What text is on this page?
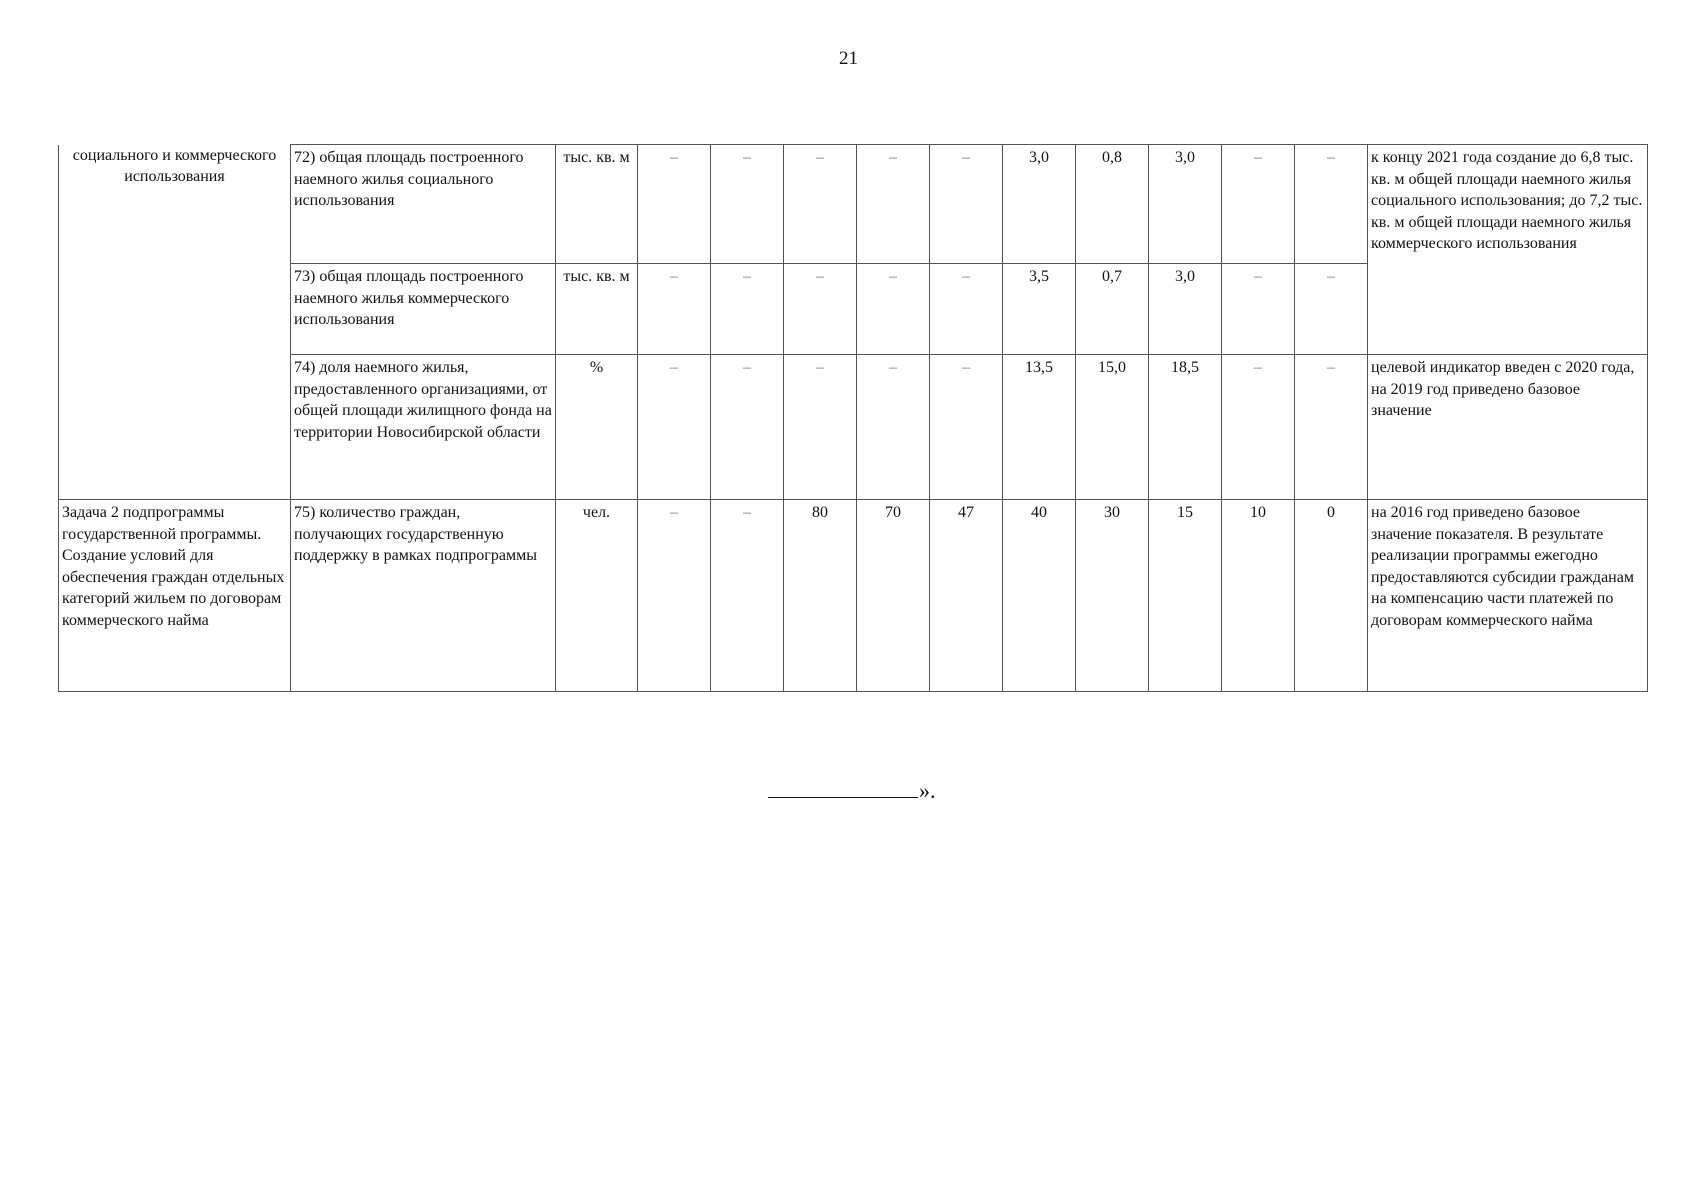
21
социального и коммерческого использования	72) общая площадь построенного наемного жилья социального использования	тыс. кв. м	–	–	–	–	–	3,0	0,8	3,0	–	–	к концу 2021 года создание до 6,8 тыс. кв. м общей площади наемного жилья социального использования; до 7,2 тыс. кв. м общей площади наемного жилья коммерческого использования
	73) общая площадь построенного наемного жилья коммерческого использования	тыс. кв. м	–	–	–	–	–	3,5	0,7	3,0	–	–	
	74) доля наемного жилья, предоставленного организациями, от общей площади жилищного фонда на территории Новосибирской области	%	–	–	–	–	–	13,5	15,0	18,5	–	–	целевой индикатор введен с 2020 года, на 2019 год приведено базовое значение
Задача 2 подпрограммы государственной программы. Создание условий для обеспечения граждан отдельных категорий жильем по договорам коммерческого найма	75) количество граждан, получающих государственную поддержку в рамках подпрограммы	чел.	–	–	80	70	47	40	30	15	10	0	на 2016 год приведено базовое значение показателя. В результате реализации программы ежегодно предоставляются субсидии гражданам на компенсацию части платежей по договорам коммерческого найма
».
